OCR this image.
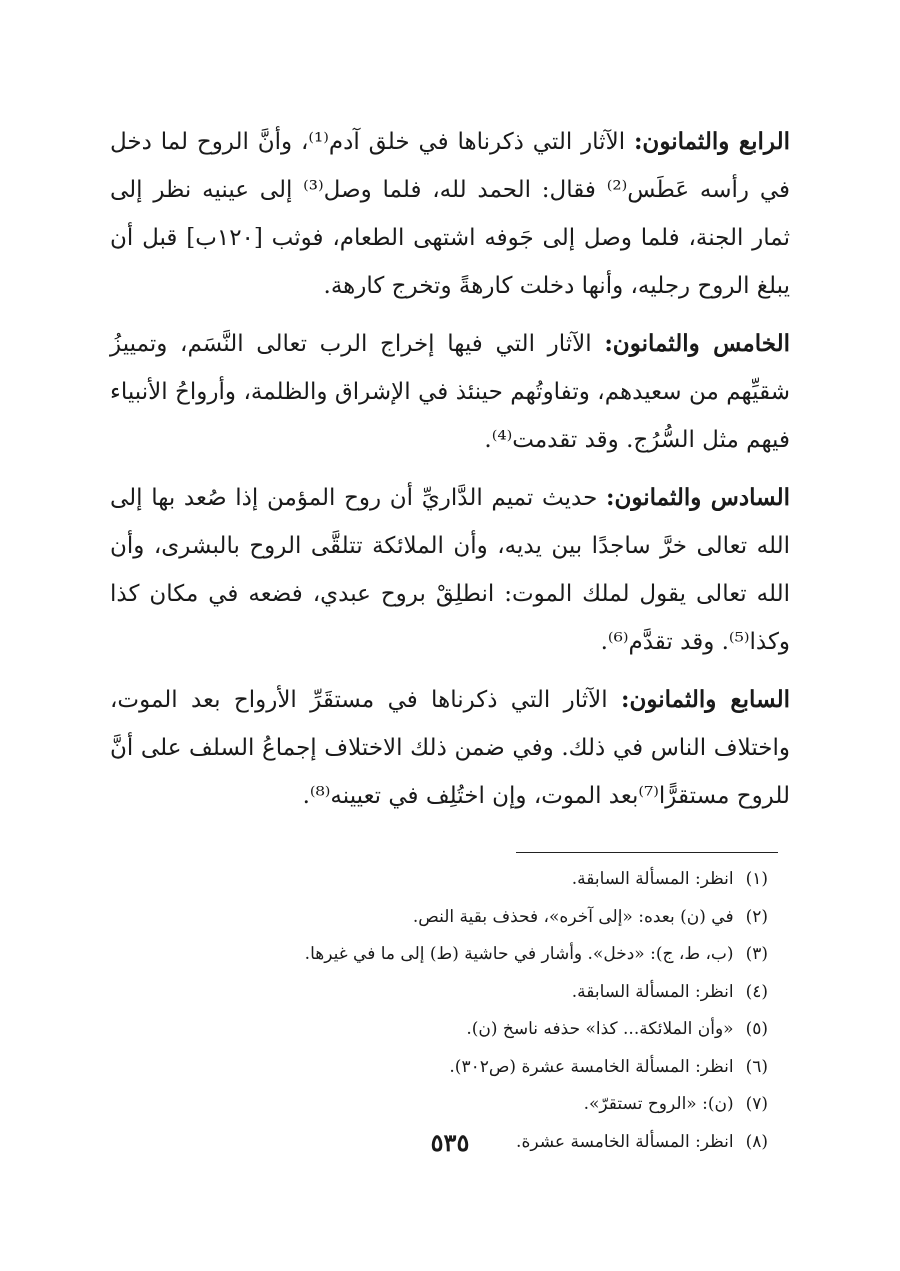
الرابع والثمانون: الآثار التي ذكرناها في خلق آدم⁽¹⁾، وأنَّ الروح لما دخل في رأسه عَطَس⁽²⁾ فقال: الحمد لله، فلما وصل⁽³⁾ إلى عينيه نظر إلى ثمار الجنة، فلما وصل إلى جَوفه اشتهى الطعام، فوثب [١٢٠ب] قبل أن يبلغ الروح رجليه، وأنها دخلت كارهةً وتخرج كارهة.

الخامس والثمانون: الآثار التي فيها إخراج الرب تعالى النَّسَم، وتمييزُ شقيِّهم من سعيدهم، وتفاوتُهم حينئذ في الإشراق والظلمة، وأرواحُ الأنبياء فيهم مثل السُّرُج. وقد تقدمت⁽⁴⁾.

السادس والثمانون: حديث تميم الدَّاريِّ أن روح المؤمن إذا صُعد بها إلى الله تعالى خرَّ ساجدًا بين يديه، وأن الملائكة تتلقَّى الروح بالبشرى، وأن الله تعالى يقول لملك الموت: انطلِقْ بروح عبدي، فضعه في مكان كذا وكذا⁽⁵⁾. وقد تقدَّم⁽⁶⁾.

السابع والثمانون: الآثار التي ذكرناها في مستقَرِّ الأرواح بعد الموت، واختلاف الناس في ذلك. وفي ضمن ذلك الاختلاف إجماعُ السلف على أنَّ للروح مستقرًّا⁽⁷⁾بعد الموت، وإن اختُلِف في تعيينه⁽⁸⁾.

(١)انظر: المسألة السابقة.
(٢)في (ن) بعده: «إلى آخره»، فحذف بقية النص.
(٣)(ب، ط، ج): «دخل». وأشار في حاشية (ط) إلى ما في غيرها.
(٤)انظر: المسألة السابقة.
(٥)«وأن الملائكة... كذا» حذفه ناسخ (ن).
(٦)انظر: المسألة الخامسة عشرة (ص٣٠٢).
(٧)(ن): «الروح تستقرّ».
(٨)انظر: المسألة الخامسة عشرة.
٥٣٥
